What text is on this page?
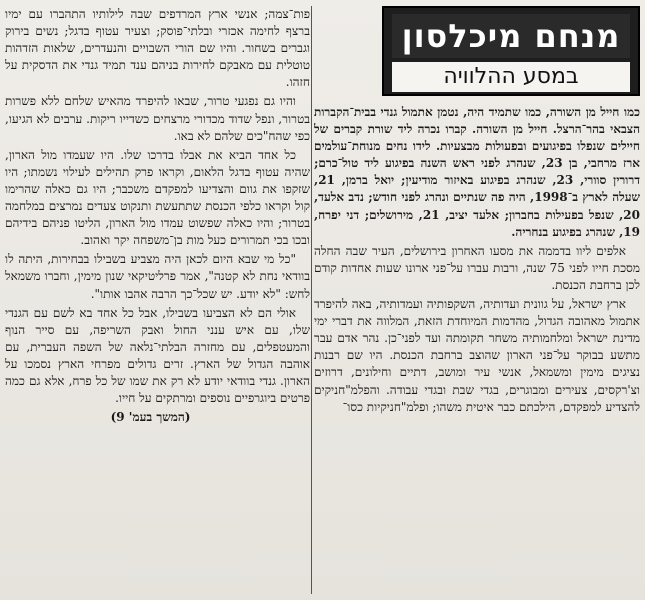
מנחם מיכלסון
במסע ההלוויה

כמו חייל מן השורה, כמו שתמיד היה, נטמן אתמול גנדי בבית־הקברות הצבאי בהר־הרצל. חייל מן השורה. קברו נכרה ליד שורת קברים של חיילים שנפלו בפיגועים ובפעולות מבצעיות. לידו נחים מנוחת־עולמים ארז מרחבי, בן 23, שנהרג לפני ראש השנה בפיגוע ליד טול־כרם; דרורין סוורי, 23, שנהרג בפיגוע באיזור מודיעין; יואל ברמן, 21, שעלה לארץ ב־1998, היה פה שנתיים ונהרג לפני חודש; נדב אלעד, 20, שנפל בפעילות בחברון; אלעד יציב, 21, מירושלים; דני יפרח, 19, שנהרג בפיגוע בנחריה.

אלפים ליוו בדממה את מסעו האחרון בירושלים, העיר שבה החלה מסכת חייו לפני 75 שנה, ורבות עברו על־פני ארונו שעות אחדות קודם לכן ברחבת הכנסת.

ארץ ישראל, על גוונית ועדותיה, השקפותיה ועמדותיה, באה להיפרד אתמול מאהובה הגדול, מהדמות המיוחדת הזאת, המלווה את דברי ימי מדינת ישראל ומלחמותיה משחר תקומתה ועד לפני־כן. נהר אדם עבר מתשע בבוקר על־פני הארון שהוצב ברחבת הכנסת. היו שם רבנות נציגים מימין ומשמאל, אנשי עיר ומושב, דתיים וחילונים, דרוזים וצ'רקסים, צעירים ומבוגרים, בגדי שבת ובגדי עבודה. והפלמ"חניקים להצדיע למפקדם, הילכתם כבר איטית משהו; ופלמ"חניקיות כסו־

פות־צמה; אנשי ארץ המרדפים שבה לילותיו התהברו עם ימיו ברצף לחימה אכזרי ובלתי־פוסק; וצעיר עטוף בדגל; נשים בירוק וגברים בשחור. והיו שם הורי השבויים והנעדרים, שלאות הזדהות טוטלית עם מאבקם לחירות בניהם ענד תמיד גנדי את הדסקית על חזהו.

והיו גם נפגעי טרור, שבאו להיפרד מהאיש שלחם ללא פשרות בטרור, ונפל שדוד מכדורי מרצחים כשדייו ריקות. ערבים לא הגיעו, כפי שהח"כים שלהם לא באו.

כל אחד הביא את אבלו בדרכו שלו. היו שעמדו מול הארון, שהיה עטוף בדגל הלאום, וקראו פרק תהילים לעילוי נשמתו; היו שזקפו את גוום והצדיעו למפקדם משכבר; היו גם כאלה שהרימו קול וקראו כלפי הכנסת שתתעשת ותנקוט צעדים נמרצים במלחמה בטרור; והיו כאלה שפשוט עמדו מול הארון, הליטו פניהם בידיהם ובכו בכי תמרורים כעל מות בן־משפחה יקר ואהוב.

"כל מי שבא היום לכאן היה מצביע בשבילו בבחירות, היתה לו בוודאי נחת לא קטנה", אמר פרליטיקאי שנון מימין, וחברו משמאל לחש: "לא יודע. יש שכל־כך הרבה אהבו אותו".

אולי הם לא הצביעו בשבילו, אבל כל אחד בא לשם עם הגנדי שלו, עם איש ענני החול ואבק השריפה, עם סייר הנוף והמעטפלים, עם מחזרה הבלתי־נלאה של השפה העברית, עם אוהבה הגדול של הארץ. זרים גדולים מפרחי הארץ נסמכו על הארון. גנדי בוודאי יודע לא רק את שמו של כל פרח, אלא גם כמה פרטים ביוגרפיים נוספים ומרתקים על חייו.

(המשך בעמ' 9)
